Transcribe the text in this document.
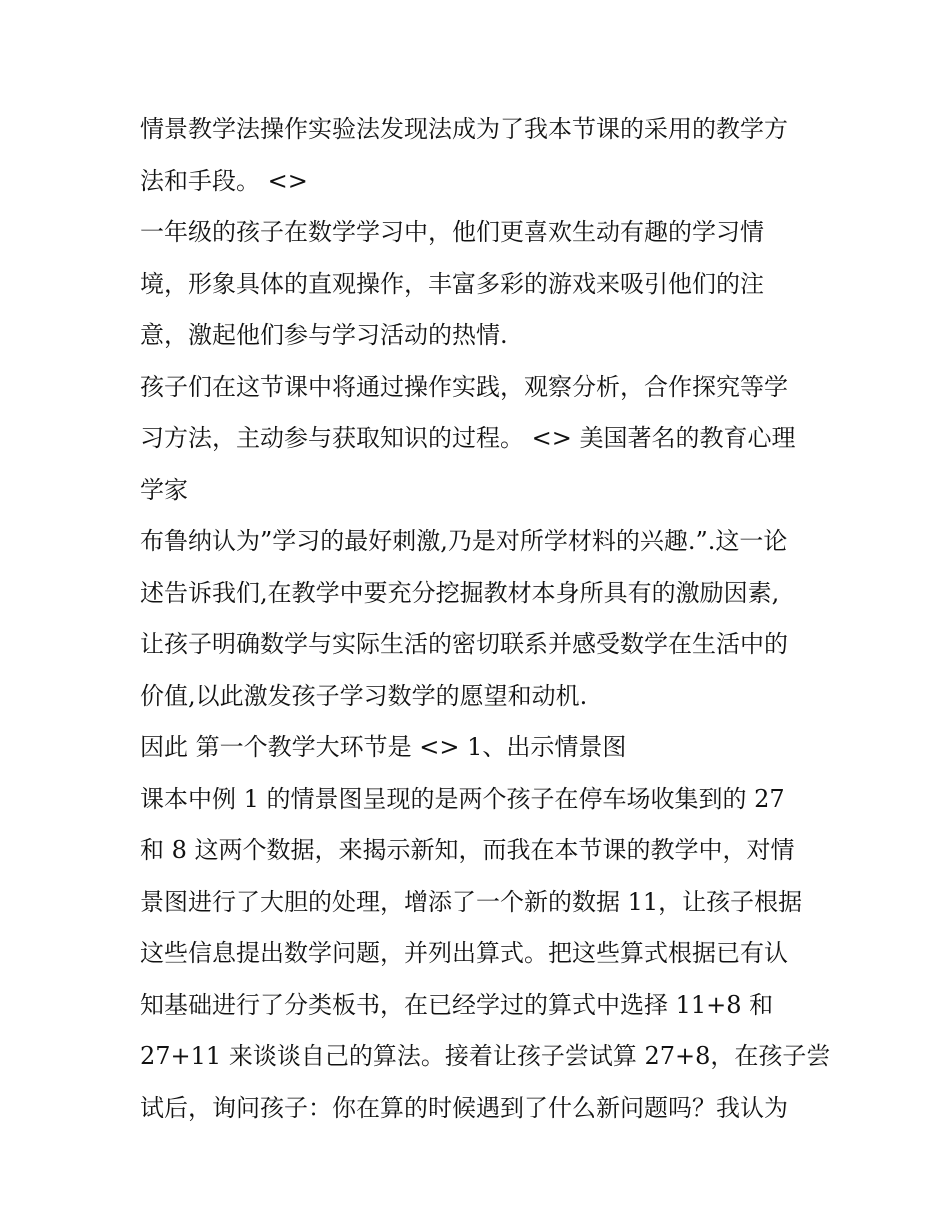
情景教学法操作实验法发现法成为了我本节课的采用的教学方
法和手段。 <>
一年级的孩子在数学学习中，他们更喜欢生动有趣的学习情
境，形象具体的直观操作，丰富多彩的游戏来吸引他们的注
意，激起他们参与学习活动的热情.
孩子们在这节课中将通过操作实践，观察分析，合作探究等学
习方法，主动参与获取知识的过程。 <> 美国著名的教育心理
学家
布鲁纳认为”学习的最好刺激,乃是对所学材料的兴趣.”.这一论
述告诉我们,在教学中要充分挖掘教材本身所具有的激励因素,
让孩子明确数学与实际生活的密切联系并感受数学在生活中的
价值,以此激发孩子学习数学的愿望和动机.
因此 第一个教学大环节是 <> 1、出示情景图
课本中例 1 的情景图呈现的是两个孩子在停车场收集到的 27
和 8 这两个数据，来揭示新知，而我在本节课的教学中，对情
景图进行了大胆的处理，增添了一个新的数据 11，让孩子根据
这些信息提出数学问题，并列出算式。把这些算式根据已有认
知基础进行了分类板书，在已经学过的算式中选择 11+8 和
27+11 来谈谈自己的算法。接着让孩子尝试算 27+8，在孩子尝
试后，询问孩子：你在算的时候遇到了什么新问题吗？我认为
